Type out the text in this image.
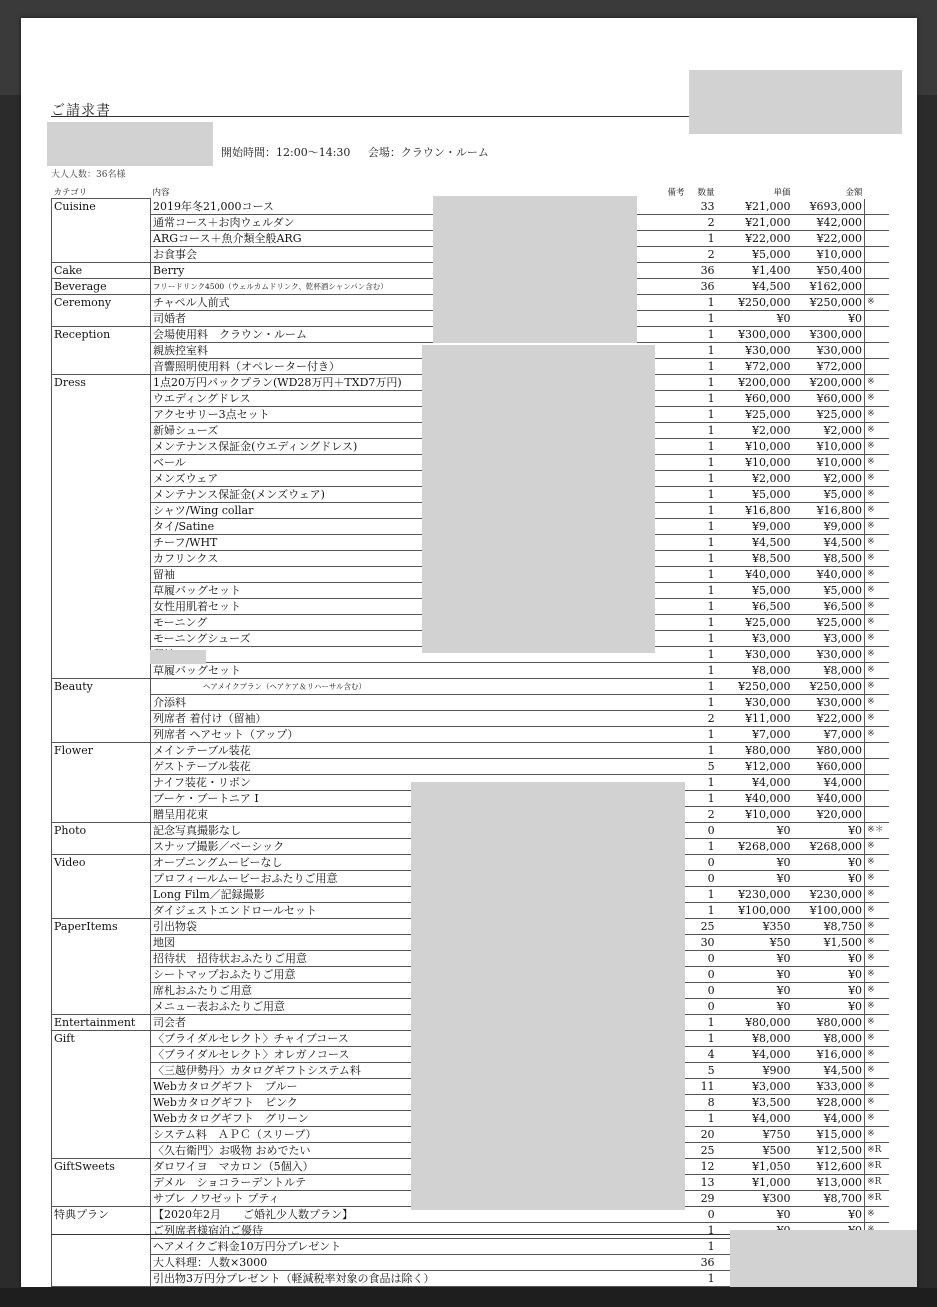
ご請求書
開始時間：12:00～14:30 会場：クラウン・ルーム
大人人数：36名様
カテゴリ	内容	備考	数量	単価	金額	
Cuisine	2019年冬21,000コース		33	¥21,000	¥693,000	
	通常コース＋お肉ウェルダン		2	¥21,000	¥42,000	
	ARGコース＋魚介類全般ARG		1	¥22,000	¥22,000	
	お食事会		2	¥5,000	¥10,000	
Cake	Berry		36	¥1,400	¥50,400	
Beverage	フリードリンク4500（ウェルカムドリンク、乾杯酒シャンパン含む）		36	¥4,500	¥162,000	
Ceremony	チャペル人前式		1	¥250,000	¥250,000	※
	司婚者		1	¥0	¥0	
Reception	会場使用料　クラウン・ルーム		1	¥300,000	¥300,000	
	親族控室料		1	¥30,000	¥30,000	
	音響照明使用料（オペレーター付き）		1	¥72,000	¥72,000	
Dress	1点20万円パックプラン(WD28万円＋TXD7万円)		1	¥200,000	¥200,000	※
	ウエディングドレス		1	¥60,000	¥60,000	※
	アクセサリー3点セット		1	¥25,000	¥25,000	※
	新婦シューズ		1	¥2,000	¥2,000	※
	メンテナンス保証金(ウエディングドレス)		1	¥10,000	¥10,000	※
	ベール		1	¥10,000	¥10,000	※
	メンズウェア		1	¥2,000	¥2,000	※
	メンテナンス保証金(メンズウェア)		1	¥5,000	¥5,000	※
	シャツ/Wing collar		1	¥16,800	¥16,800	※
	タイ/Satine		1	¥9,000	¥9,000	※
	チーフ/WHT		1	¥4,500	¥4,500	※
	カフリンクス		1	¥8,500	¥8,500	※
	留袖		1	¥40,000	¥40,000	※
	草履バッグセット		1	¥5,000	¥5,000	※
	女性用肌着セット		1	¥6,500	¥6,500	※
	モーニング		1	¥25,000	¥25,000	※
	モーニングシューズ		1	¥3,000	¥3,000	※
			1	¥30,000	¥30,000	※
	草履バッグセット		1	¥8,000	¥8,000	※
Beauty	ヘアメイクプラン（ヘアケア＆リハーサル含む）		1	¥250,000	¥250,000	※
	介添料		1	¥30,000	¥30,000	※
	列席者 着付け（留袖）		2	¥11,000	¥22,000	※
	列席者 ヘアセット（アップ）		1	¥7,000	¥7,000	※
Flower	メインテーブル装花		1	¥80,000	¥80,000	
	ゲストテーブル装花		5	¥12,000	¥60,000	
	ナイフ装花・リボン		1	¥4,000	¥4,000	
	ブーケ・ブートニア I		1	¥40,000	¥40,000	
	贈呈用花束		2	¥10,000	¥20,000	
Photo	記念写真撮影なし		0	¥0	¥0	※＊
	スナップ撮影／ベーシック		1	¥268,000	¥268,000	※
Video	オープニングムービーなし		0	¥0	¥0	※
	プロフィールムービーおふたりご用意		0	¥0	¥0	※
	Long Film／記録撮影		1	¥230,000	¥230,000	※
	ダイジェストエンドロールセット		1	¥100,000	¥100,000	※
PaperItems	引出物袋		25	¥350	¥8,750	※
	地図		30	¥50	¥1,500	※
	招待状　招待状おふたりご用意		0	¥0	¥0	※
	シートマップおふたりご用意		0	¥0	¥0	※
	席札おふたりご用意		0	¥0	¥0	※
	メニュー表おふたりご用意		0	¥0	¥0	※
Entertainment	司会者		1	¥80,000	¥80,000	※
Gift	〈ブライダルセレクト〉チャイブコース		1	¥8,000	¥8,000	※
	〈ブライダルセレクト〉オレガノコース		4	¥4,000	¥16,000	※
	〈三越伊勢丹〉カタログギフトシステム料		5	¥900	¥4,500	※
	Webカタログギフト　ブルー		11	¥3,000	¥33,000	※
	Webカタログギフト　ピンク		8	¥3,500	¥28,000	※
	Webカタログギフト　グリーン		1	¥4,000	¥4,000	※
	システム料　ＡＰＣ（スリーブ）		20	¥750	¥15,000	※
	〈久右衛門〉お吸物 おめでたい		25	¥500	¥12,500	※R
GiftSweets	ダロワイヨ　マカロン（5個入）		12	¥1,050	¥12,600	※R
	デメル　ショコラーデントルテ		13	¥1,000	¥13,000	※R
	サブレ ノワゼット プティ		29	¥300	¥8,700	※R
特典プラン	【2020年2月　　ご婚礼少人数プラン】		0	¥0	¥0	※
	ご列席者様宿泊ご優待		1			
	ヘアメイクご料金10万円分プレゼント		1			
	大人料理：人数×3000		36			
	引出物3万円分プレゼント（軽減税率対象の食品は除く）		1			
